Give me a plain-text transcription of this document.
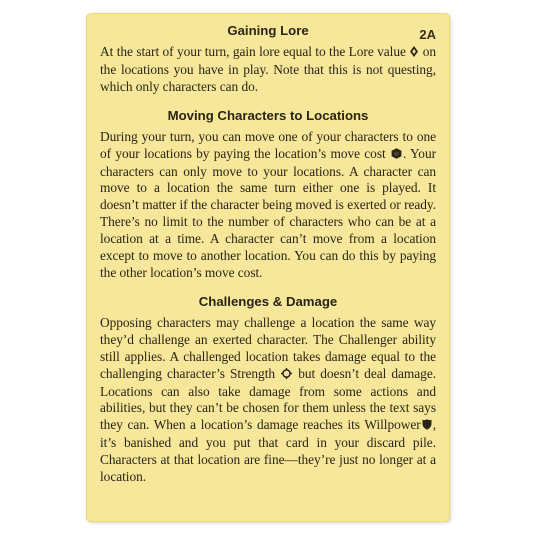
2A
Gaining Lore

At the start of your turn, gain lore equal to the Lore value  on the locations you have in play. Note that this is not questing, which only characters can do.

Moving Characters to Locations

During your turn, you can move one of your characters to one of your locations by paying the location’s move cost . Your characters can only move to your locations. A character can move to a location the same turn either one is played. It doesn’t matter if the character being moved is exerted or ready. There’s no limit to the number of characters who can be at a location at a time. A character can’t move from a location except to move to another location. You can do this by paying the other location’s move cost.

Challenges & Damage

Opposing characters may challenge a location the same way they’d challenge an exerted character. The Challenger ability still applies. A challenged location takes damage equal to the challenging character’s Strength  but doesn’t deal damage. Locations can also take damage from some actions and abilities, but they can’t be chosen for them unless the text says they can. When a location’s damage reaches its Willpower , it’s banished and you put that card in your discard pile. Characters at that location are fine—they’re just no longer at a location.
